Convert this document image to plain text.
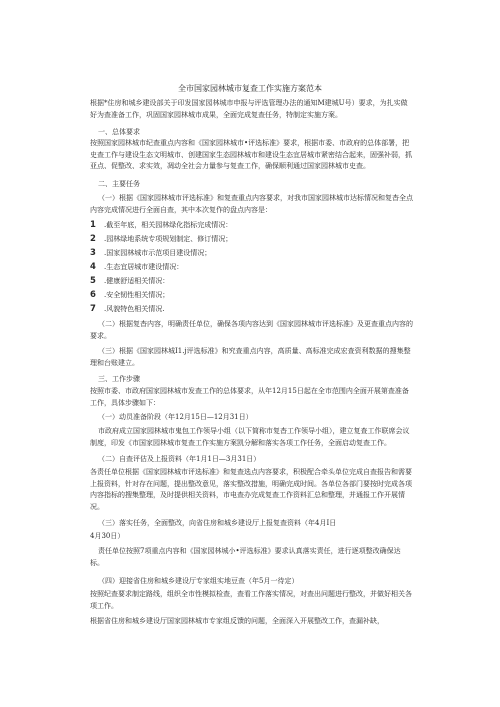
全市国家园林城市复查工作实施方案范本

根据*住房和城乡建设部关于印发国家园林城市申报与评选管理办法的通知M建城U号）要求，为扎实做好为查准备工作，巩固国家园林城市成果，全面完成复查任务，特制定实施方案。

一、总体要求

按照国家园林城市纪查重点内容和《国家园林城市•评选标准》要求，根据市委、市政府的总体部署，把史查工作与建设生态文明城市、创建国家生态园林城市和建设生态宜居城市紧密结合起来，固强补弱，抓亚点、促整改、求实效，凋动全社会力量参与复查工作，确保顺利通过国家园林城市史查。

二、主要任务

（一）根据《国家园林城市评选标准》和复查重点内容要求，对我市国家园林城市达标情况和复杳全点内容完成情况进行全面自查，其中本次复作的盘点内容是：

1 .截至年底，相关园林绿化指标完成情况：
2 .园林绿地系统专项规划制定、修订情况；
3 .国家园林城市示范项目建设情况；
4 .生态宜居城市建设情况：
5 .健康舒适相关情况：
6 .安全韧性相关情况；
7 .风貌特色相关情况.

（二）根据复杳内容，明确责任单位，确保各项内容达到《国家园林城市评选标准》及更查重点内容的要求。

（三）根据《国家园林城I1.j评选标准》和究查重点内容，高质量、高标准完成宏查资利数据的搜集整理和台账建立。

三、工作步骤

按照市委、市政府国家园林城市发查工作的总体要求，从年12月15日起在全市范围内全面开展第查准备工作，具体步骤如下：

（一）动员准备阶段（年12月15日—12月31日）

市政府成立国家园林城市鬼包工作领导小组（以下简称市复杳工作领导小组），建立复查工作联席会议制度，印发《市国家园林城市复查工作实施方案凯分解和落实各项工作任务，全面启动复查工作。

（二）自查评估及上报资料（年1月1日—3月31日）

各责任单位根据《国家园林城市评选标准》和复查选点内容要求，积极配合牵头单位完成自查报告和需要上报资料，针对存在问题，提出整改意见，落实整改措施，明确完成时间。各单位各部门要按时完成各项内容指标的搜集整理，及时提供相关资料，市电查办完成复查工作资料汇总和整理，并通报工作开展情况。

（三）落实任务，全面整改，向省住房和城乡建设厅上报复查资料（年4月I日

4月30日）

责任单位按照7项重点内容和《国家园林城小•评选标准》要求认真落实责任，进行逐项整改确保达标。

（四）迎接省住房和城乡建设厅专家组实地豆查（年5月一待定）

按照纪查要求制定路线，组织全市性模拟检查，查看工作落实情况，对查出问题进行整改，并做好相关各项工作。

根据省住房和城乡建设厅国家园林城市专家组反馈的问题，全面深入开展整改工作，查漏补缺，
